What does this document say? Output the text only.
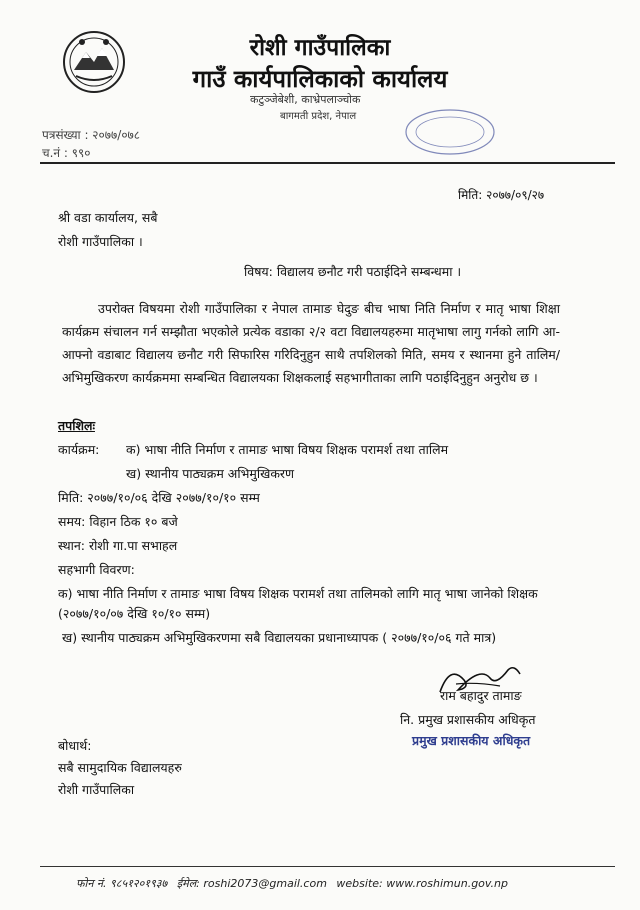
रोशी गाउँपालिका
गाउँ कार्यपालिकाको कार्यालय
कटुञ्जेबेशी, काभ्रेपलाञ्चोक
बागमती प्रदेश, नेपाल
पत्रसंख्या : २०७७/०७८
च.नं : ९९०
मिति: २०७७/०९/२७
श्री वडा कार्यालय, सबै
रोशी गाउँपालिका ।
विषय: विद्यालय छनौट गरी पठाईदिने सम्बन्धमा ।
उपरोक्त विषयमा रोशी गाउँपालिका र नेपाल तामाङ घेदुङ बीच भाषा निति निर्माण र मातृ भाषा शिक्षा कार्यक्रम संचालन गर्न सम्झौता भएकोले प्रत्येक वडाका २/२ वटा विद्यालयहरुमा मातृभाषा लागु गर्नको लागि आ-आफ्नो वडाबाट विद्यालय छनौट गरी सिफारिस गरिदिनुहुन साथै तपशिलको मिति, समय र स्थानमा हुने तालिम/अभिमुखिकरण कार्यक्रममा सम्बन्धित विद्यालयका शिक्षकलाई सहभागीताका लागि पठाईदिनुहुन अनुरोध छ ।
तपशिलः
कार्यक्रम: क) भाषा नीति निर्माण र तामाङ भाषा विषय शिक्षक परामर्श तथा तालिम
ख) स्थानीय पाठ्यक्रम अभिमुखिकरण
मिति: २०७७/१०/०६ देखि २०७७/१०/१० सम्म
समय: विहान ठिक १० बजे
स्थान: रोशी गा.पा सभाहल
सहभागी विवरण:
क) भाषा नीति निर्माण र तामाङ भाषा विषय शिक्षक परामर्श तथा तालिमको लागि मातृ भाषा जानेको शिक्षक
(२०७७/१०/०७ देखि १०/१० सम्म)
ख) स्थानीय पाठ्यक्रम अभिमुखिकरणमा सबै विद्यालयका प्रधानाध्यापक ( २०७७/१०/०६ गते मात्र)
राम बहादुर तामाङ
नि. प्रमुख प्रशासकीय अधिकृत
प्रमुख प्रशासकीय अधिकृत
बोधार्थ:
सबै सामुदायिक विद्यालयहरु
रोशी गाउँपालिका
फोन नं. ९८५१२०१९३७ ईमेल: roshi2073@gmail.com website: www.roshimun.gov.np
